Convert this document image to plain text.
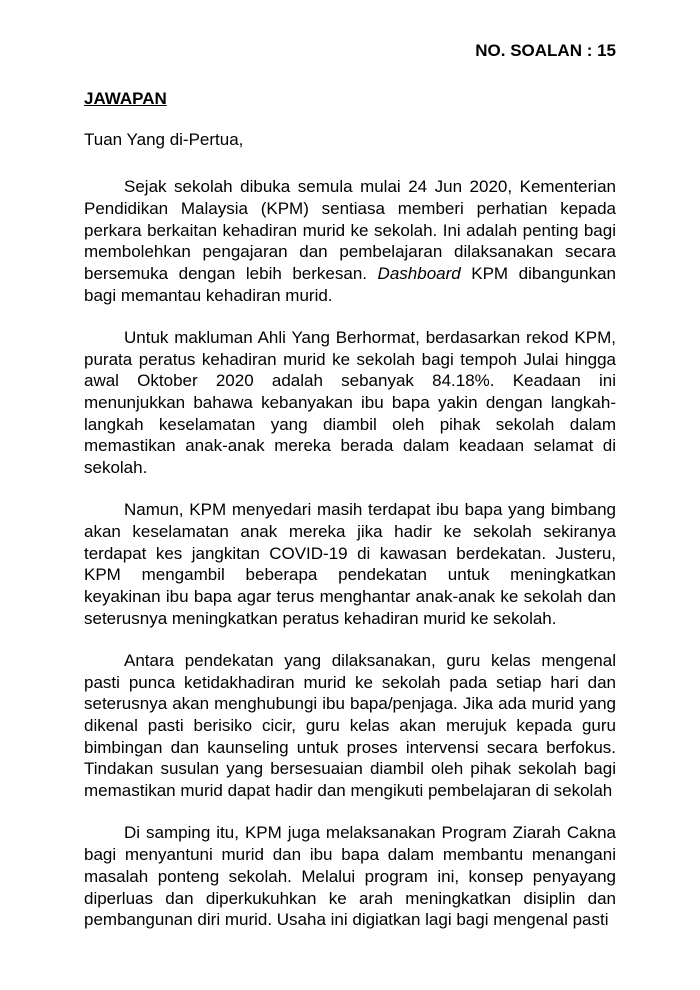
NO. SOALAN : 15
JAWAPAN

Tuan Yang di-Pertua,

Sejak sekolah dibuka semula mulai 24 Jun 2020, Kementerian Pendidikan Malaysia (KPM) sentiasa memberi perhatian kepada perkara berkaitan kehadiran murid ke sekolah. Ini adalah penting bagi membolehkan pengajaran dan pembelajaran dilaksanakan secara bersemuka dengan lebih berkesan. Dashboard KPM dibangunkan bagi memantau kehadiran murid.

Untuk makluman Ahli Yang Berhormat, berdasarkan rekod KPM, purata peratus kehadiran murid ke sekolah bagi tempoh Julai hingga awal Oktober 2020 adalah sebanyak 84.18%. Keadaan ini menunjukkan bahawa kebanyakan ibu bapa yakin dengan langkah-langkah keselamatan yang diambil oleh pihak sekolah dalam memastikan anak-anak mereka berada dalam keadaan selamat di sekolah.

Namun, KPM menyedari masih terdapat ibu bapa yang bimbang akan keselamatan anak mereka jika hadir ke sekolah sekiranya terdapat kes jangkitan COVID-19 di kawasan berdekatan. Justeru, KPM mengambil beberapa pendekatan untuk meningkatkan keyakinan ibu bapa agar terus menghantar anak-anak ke sekolah dan seterusnya meningkatkan peratus kehadiran murid ke sekolah.

Antara pendekatan yang dilaksanakan, guru kelas mengenal pasti punca ketidakhadiran murid ke sekolah pada setiap hari dan seterusnya akan menghubungi ibu bapa/penjaga. Jika ada murid yang dikenal pasti berisiko cicir, guru kelas akan merujuk kepada guru bimbingan dan kaunseling untuk proses intervensi secara berfokus. Tindakan susulan yang bersesuaian diambil oleh pihak sekolah bagi memastikan murid dapat hadir dan mengikuti pembelajaran di sekolah

Di samping itu, KPM juga melaksanakan Program Ziarah Cakna bagi menyantuni murid dan ibu bapa dalam membantu menangani masalah ponteng sekolah. Melalui program ini, konsep penyayang diperluas dan diperkukuhkan ke arah meningkatkan disiplin dan pembangunan diri murid. Usaha ini digiatkan lagi bagi mengenal pasti
